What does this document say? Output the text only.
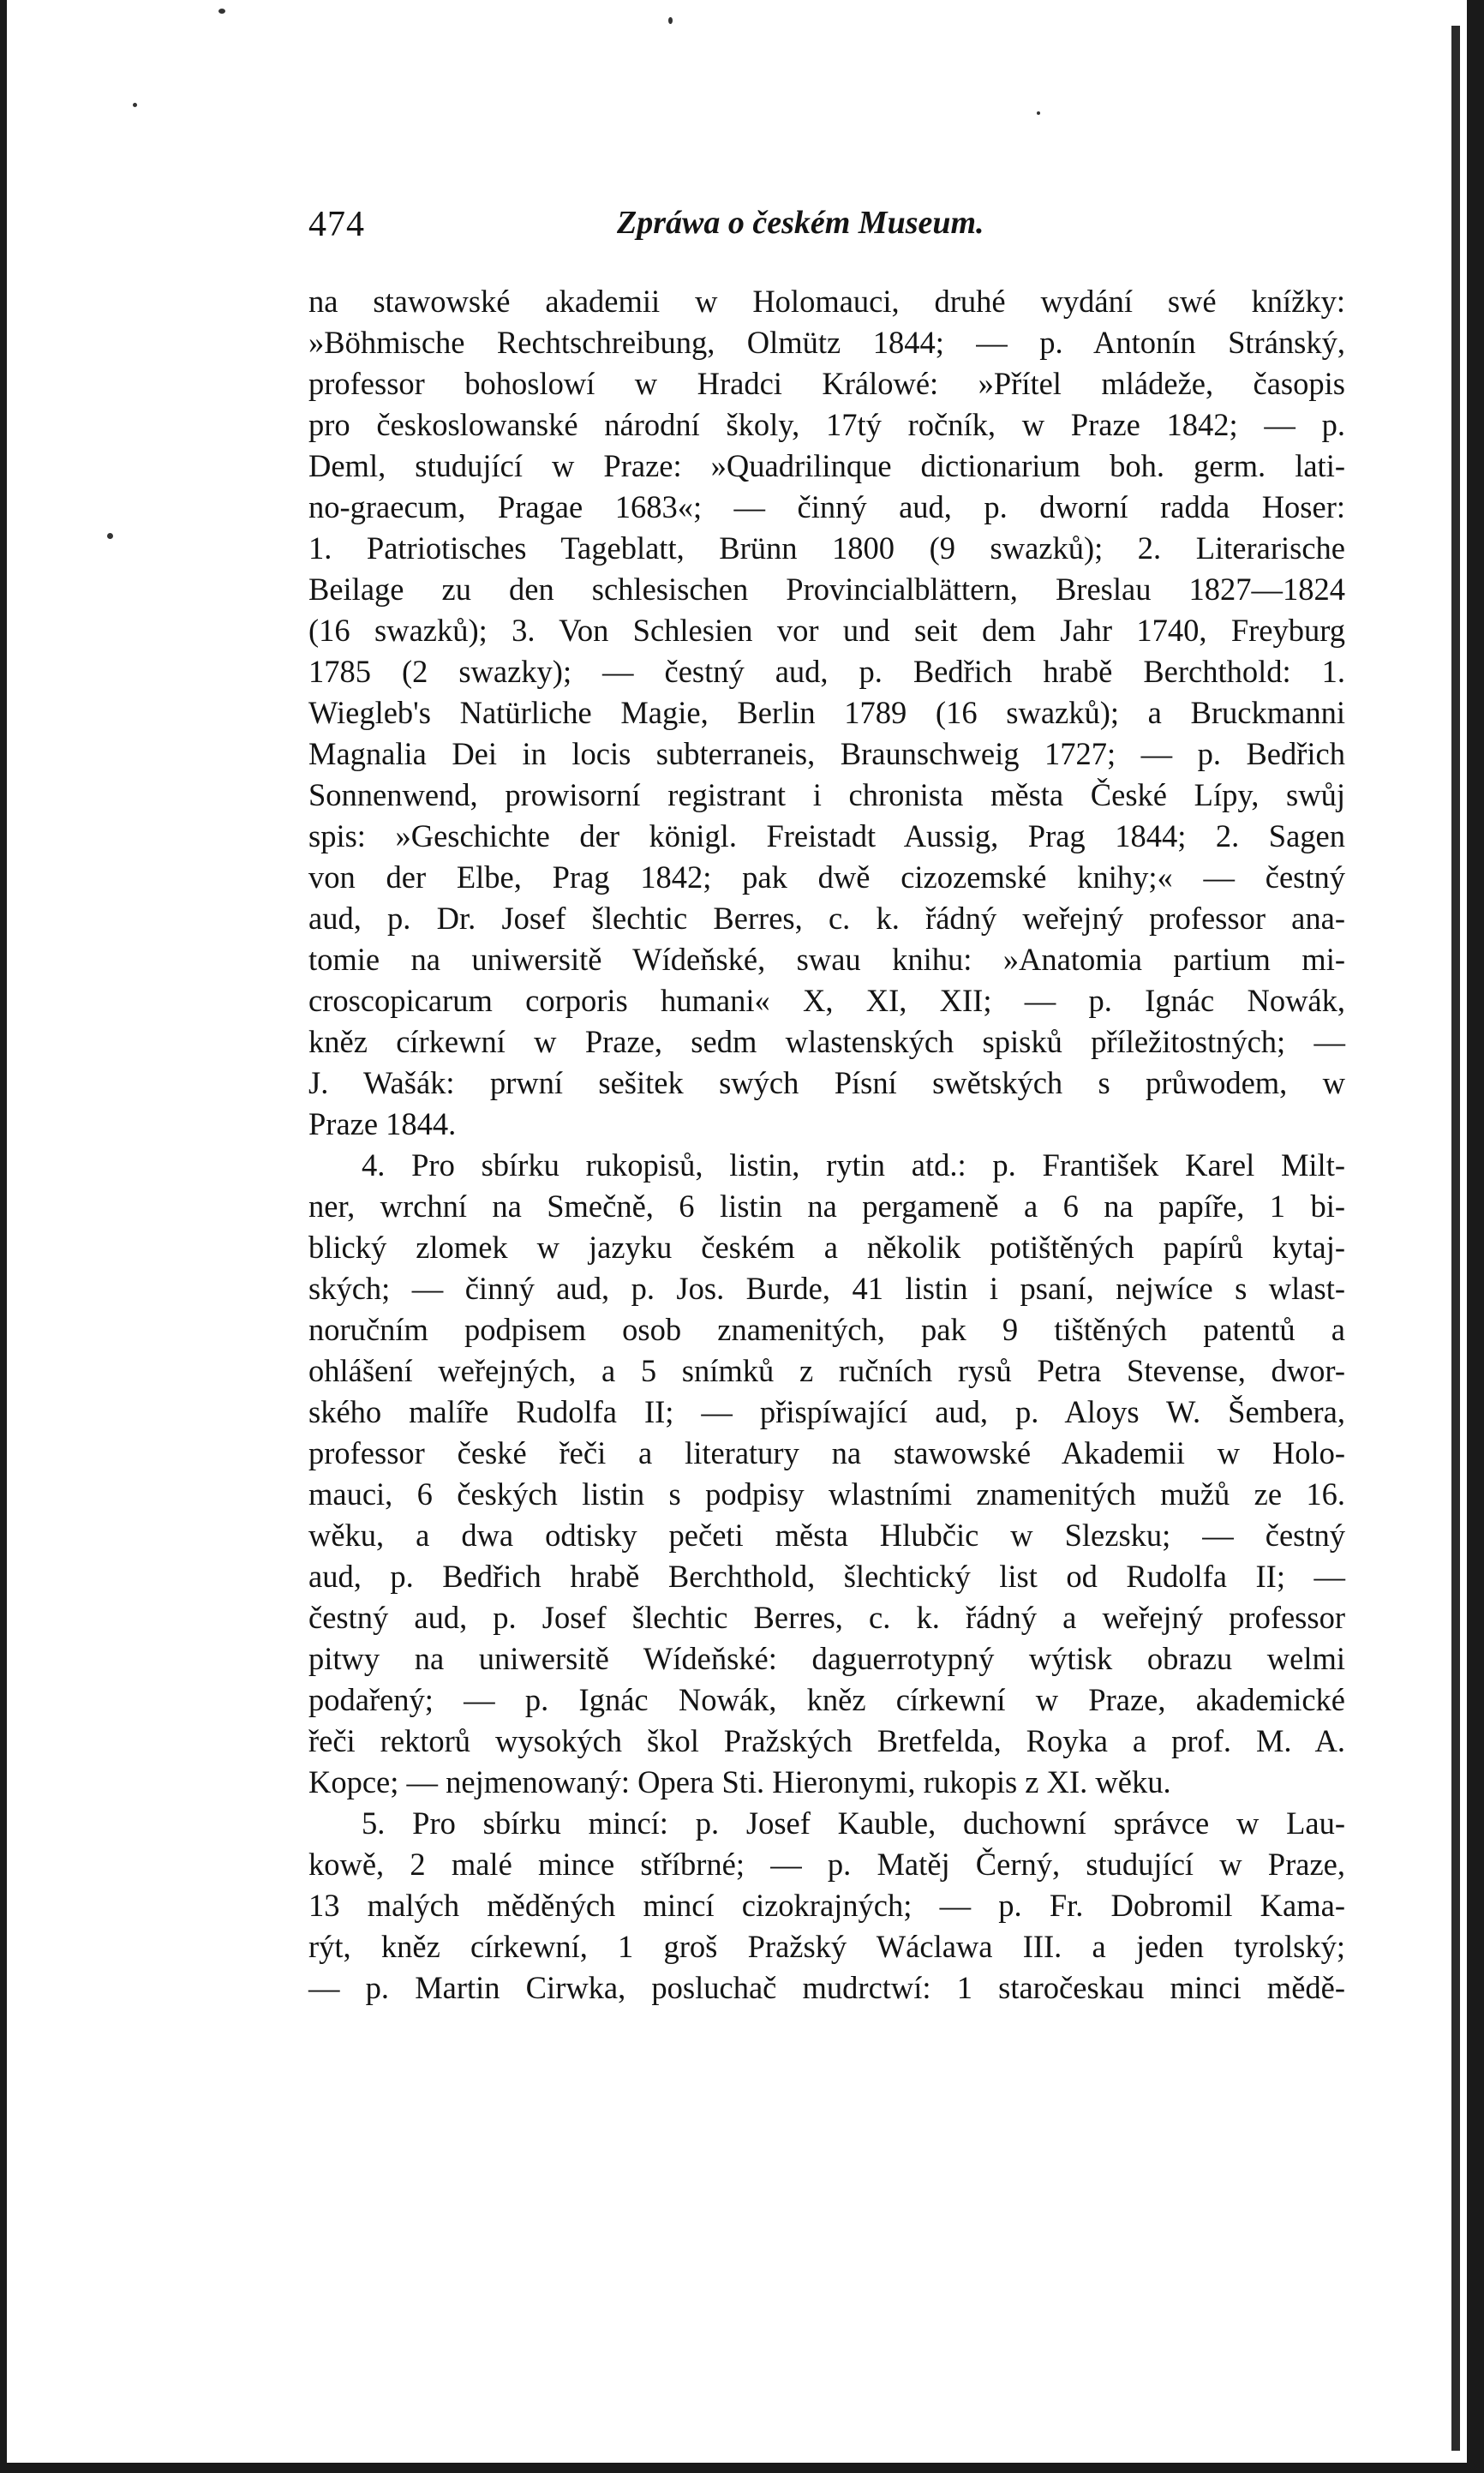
474	Zpráwa o českém Museum.
na stawowské akademii w Holomauci, druhé wydání swé knížky:
»Böhmische Rechtschreibung, Olmütz 1844; — p. Antonín Stránský,
professor bohoslowí w Hradci Králowé: »Přítel mládeže, časopis
pro českoslowanské národní školy, 17tý ročník, w Praze 1842; — p.
Deml, studující w Praze: »Quadrilinque dictionarium boh. germ. lati-
no-graecum, Pragae 1683«; — činný aud, p. dworní radda Hoser:
1. Patriotisches Tageblatt, Brünn 1800 (9 swazků); 2. Literarische
Beilage zu den schlesischen Provincialblättern, Breslau 1827—1824
(16 swazků); 3. Von Schlesien vor und seit dem Jahr 1740, Freyburg
1785 (2 swazky); — čestný aud, p. Bedřich hrabě Berchthold: 1.
Wiegleb's Natürliche Magie, Berlin 1789 (16 swazků); a Bruckmanni
Magnalia Dei in locis subterraneis, Braunschweig 1727; — p. Bedřich
Sonnenwend, prowisorní registrant i chronista města České Lípy, swůj
spis: »Geschichte der königl. Freistadt Aussig, Prag 1844; 2. Sagen
von der Elbe, Prag 1842; pak dwě cizozemské knihy;« — čestný
aud, p. Dr. Josef šlechtic Berres, c. k. řádný weřejný professor ana-
tomie na uniwersitě Wídeňské, swau knihu: »Anatomia partium mi-
croscopicarum corporis humani« X, XI, XII; — p. Ignác Nowák,
kněz církewní w Praze, sedm wlastenských spisků příležitostných; —
J. Wašák: prwní sešitek swých Písní swětských s průwodem, w
Praze 1844.
4. Pro sbírku rukopisů, listin, rytin atd.: p. František Karel Milt-
ner, wrchní na Smečně, 6 listin na pergameně a 6 na papíře, 1 bi-
blický zlomek w jazyku českém a několik potištěných papírů kytaj-
ských; — činný aud, p. Jos. Burde, 41 listin i psaní, nejwíce s wlast-
noručním podpisem osob znamenitých, pak 9 tištěných patentů a
ohlášení weřejných, a 5 snímků z ručních rysů Petra Stevense, dwor-
ského malíře Rudolfa II; — přispíwající aud, p. Aloys W. Šembera,
professor české řeči a literatury na stawowské Akademii w Holo-
mauci, 6 českých listin s podpisy wlastními znamenitých mužů ze 16.
wěku, a dwa odtisky pečeti města Hlubčic w Slezsku; — čestný
aud, p. Bedřich hrabě Berchthold, šlechtický list od Rudolfa II; —
čestný aud, p. Josef šlechtic Berres, c. k. řádný a weřejný professor
pitwy na uniwersitě Wídeňské: daguerrotypný wýtisk obrazu welmi
podařený; — p. Ignác Nowák, kněz církewní w Praze, akademické
řeči rektorů wysokých škol Pražských Bretfelda, Royka a prof. M. A.
Kopce; — nejmenowaný: Opera Sti. Hieronymi, rukopis z XI. wěku.
5. Pro sbírku mincí: p. Josef Kauble, duchowní správce w Lau-
kowě, 2 malé mince stříbrné; — p. Matěj Černý, studující w Praze,
13 malých měděných mincí cizokrajných; — p. Fr. Dobromil Kama-
rýt, kněz církewní, 1 groš Pražský Wáclawa III. a jeden tyrolský;
— p. Martin Cirwka, posluchač mudrctwí: 1 staročeskau minci mědě-
